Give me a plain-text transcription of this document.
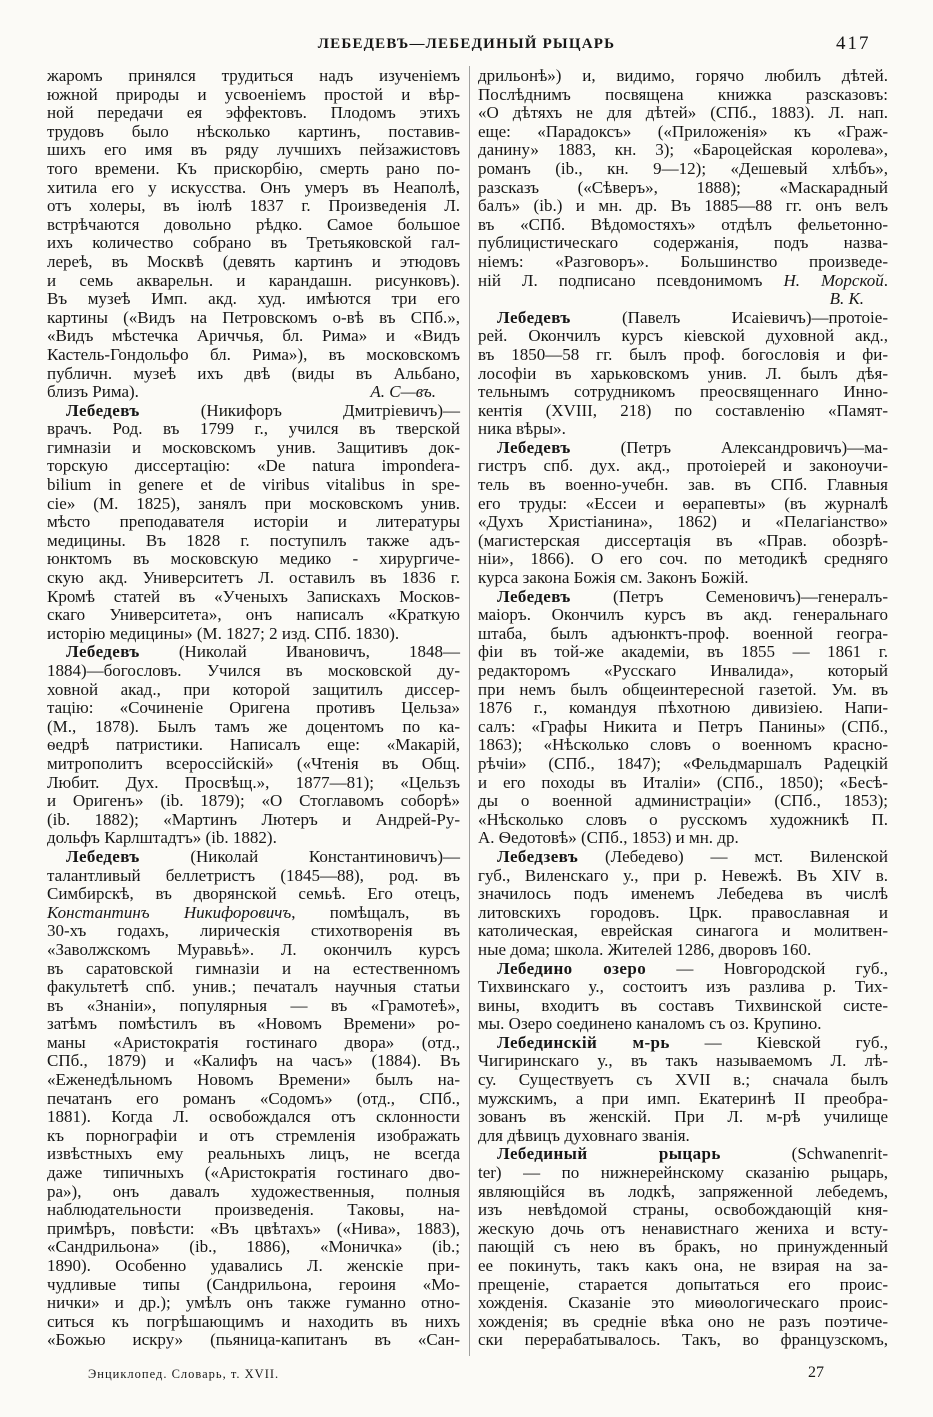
ЛЕБЕДЕВЪ—ЛЕБЕДИНЫЙ РЫЦАРЬ	417
жаромъ принялся трудиться надъ изученіемъ
южной природы и усвоеніемъ простой и вѣр-
ной передачи ея эффектовъ. Плодомъ этихъ
трудовъ было нѣсколько картинъ, поставив-
шихъ его имя въ ряду лучшихъ пейзажистовъ
того времени. Къ прискорбію, смерть рано по-
хитила его у искусства. Онъ умеръ въ Неаполѣ,
отъ холеры, въ іюлѣ 1837 г. Произведенія Л.
встрѣчаются довольно рѣдко. Самое большое
ихъ количество собрано въ Третьяковской гал-
лереѣ, въ Москвѣ (девять картинъ и этюдовъ
и семь акварельн. и карандашн. рисунковъ).
Въ музеѣ Имп. акд. худ. имѣются три его
картины («Видъ на Петровскомъ о-вѣ въ СПб.»,
«Видъ мѣстечка Ариччья, бл. Рима» и «Видъ
Кастель-Гондольфо бл. Рима»), въ московскомъ
публичн. музеѣ ихъ двѣ (виды въ Альбано,
близъ Рима).	А. С—въ.
Лебедевъ (Никифоръ Дмитріевичъ)—
врачъ. Род. въ 1799 г., учился въ тверской
гимназіи и московскомъ унив. Защитивъ док-
торскую диссертацію: «De natura imponderа-
bilium in genere et de viribus vitalibus in spe-
cie» (M. 1825), занялъ при московскомъ унив.
мѣсто преподавателя исторіи и литературы
медицины. Въ 1828 г. поступилъ также адъ-
юнктомъ въ московскую медико - хирургиче-
скую акд. Университетъ Л. оставилъ въ 1836 г.
Кромѣ статей въ «Ученыхъ Запискахъ Москов-
скаго Университета», онъ написалъ «Краткую
исторію медицины» (М. 1827; 2 изд. СПб. 1830).
Лебедевъ (Николай Ивановичъ, 1848—
1884)—богословъ. Учился въ московской ду-
ховной акад., при которой защитилъ диссер-
тацію: «Сочиненіе Оригена противъ Цельза»
(М., 1878). Былъ тамъ же доцентомъ по ка-
ѳедрѣ патристики. Написалъ еще: «Макарій,
митрополитъ всероссійскій» («Чтенія въ Общ.
Любит. Дух. Просвѣщ.», 1877—81); «Цельзъ
и Оригенъ» (ib. 1879); «О Стоглавомъ соборѣ»
(ib. 1882); «Мартинъ Лютеръ и Андрей-Ру-
дольфъ Карлштадтъ» (ib. 1882).
Лебедевъ (Николай Константиновичъ)—
талантливый беллетристъ (1845—88), род. въ
Симбирскѣ, въ дворянской семьѣ. Его отецъ,
Константинъ Никифоровичъ, помѣщалъ, въ
30-хъ годахъ, лирическія стихотворенія въ
«Заволжскомъ Муравьѣ». Л. окончилъ курсъ
въ саратовской гимназіи и на естественномъ
факультетѣ спб. унив.; печаталъ научныя статьи
въ «Знаніи», популярныя — въ «Грамотеѣ»,
затѣмъ помѣстилъ въ «Новомъ Времени» ро-
маны «Аристократія гостинаго двора» (отд.,
СПб., 1879) и «Калифъ на часъ» (1884). Въ
«Еженедѣльномъ Новомъ Времени» былъ на-
печатанъ его романъ «Содомъ» (отд., СПб.,
1881). Когда Л. освобождался отъ склонности
къ порнографіи и отъ стремленія изображать
извѣстныхъ ему реальныхъ лицъ, не всегда
даже типичныхъ («Аристократія гостинаго дво-
ра»), онъ давалъ художественныя, полныя
наблюдательности произведенія. Таковы, на-
примѣръ, повѣсти: «Въ цвѣтахъ» («Нива», 1883),
«Сандрильона» (ib., 1886), «Моничка» (ib.;
1890). Особенно удавались Л. женскіе при-
чудливые типы (Сандрильона, героиня «Мо-
нички» и др.); умѣлъ онъ также гуманно отно-
ситься къ погрѣшающимъ и находить въ нихъ
«Божью искру» (пьяница-капитанъ въ «Сан-
дрильонѣ») и, видимо, горячо любилъ дѣтей.
Послѣднимъ посвящена книжка разсказовъ:
«О дѣтяхъ не для дѣтей» (СПб., 1883). Л. нап.
еще: «Парадоксъ» («Приложенія» къ «Граж-
данину» 1883, кн. 3); «Бароцейская королева»,
романъ (ib., кн. 9—12); «Дешевый хлѣбъ»,
разсказъ («Сѣверъ», 1888); «Маскарадный
балъ» (ib.) и мн. др. Въ 1885—88 гг. онъ велъ
въ «СПб. Вѣдомостяхъ» отдѣлъ фельетонно-
публицистическаго содержанія, подъ назва-
ніемъ: «Разговоръ». Большинство произведе-
ній Л. подписано псевдонимомъ Н. Морской.
В. К.
Лебедевъ (Павелъ Исаіевичъ)—протоіе-
рей. Окончилъ курсъ кіевской духовной акд.,
въ 1850—58 гг. былъ проф. богословія и фи-
лософіи въ харьковскомъ унив. Л. былъ дѣя-
тельнымъ сотрудникомъ преосвященнаго Инно-
кентія (XVIII, 218) по составленію «Памят-
ника вѣры».
Лебедевъ (Петръ Александровичъ)—ма-
гистръ спб. дух. акд., протоіерей и законоучи-
тель въ военно-учебн. зав. въ СПб. Главныя
его труды: «Ессеи и ѳерапевты» (въ журналѣ
«Духъ Христіанина», 1862) и «Пелагіанство»
(магистерская диссертація въ «Прав. обозрѣ-
ніи», 1866). О его соч. по методикѣ средняго
курса закона Божія см. Законъ Божій.
Лебедевъ (Петръ Семеновичъ)—генералъ-
маіоръ. Окончилъ курсъ въ акд. генеральнаго
штаба, былъ адъюнктъ-проф. военной геогра-
фіи въ той-же академіи, въ 1855 — 1861 г.
редакторомъ «Русскаго Инвалида», который
при немъ былъ общеинтересной газетой. Ум. въ
1876 г., командуя пѣхотною дивизіею. Напи-
салъ: «Графы Никита и Петръ Панины» (СПб.,
1863); «Нѣсколько словъ о военномъ красно-
рѣчіи» (СПб., 1847); «Фельдмаршалъ Радецкій
и его походы въ Италіи» (СПб., 1850); «Бесѣ-
ды о военной администраціи» (СПб., 1853);
«Нѣсколько словъ о русскомъ художникѣ П.
А. Ѳедотовѣ» (СПб., 1853) и мн. др.
Лебедзевъ (Лебедево) — мст. Виленской
губ., Виленскаго у., при р. Невежѣ. Въ XIV в.
значилось подъ именемъ Лебедева въ числѣ
литовскихъ городовъ. Црк. православная и
католическая, еврейская синагога и молитвен-
ные дома; школа. Жителей 1286, дворовъ 160.
Лебедино озеро — Новгородской губ.,
Тихвинскаго у., состоитъ изъ разлива р. Тих-
вины, входитъ въ составъ Тихвинской систе-
мы. Озеро соединено каналомъ съ оз. Крупино.
Лебединскій м-рь — Кіевской губ.,
Чигиринскаго у., въ такъ называемомъ Л. лѣ-
су. Существуетъ съ XVII в.; сначала былъ
мужскимъ, а при имп. Екатеринѣ II преобра-
зованъ въ женскій. При Л. м-рѣ училище
для дѣвицъ духовнаго званія.
Лебединый рыцарь (Schwanenrit-
ter) — по нижнерейнскому сказанію рыцарь,
являющійся въ лодкѣ, запряженной лебедемъ,
изъ невѣдомой страны, освобождающій кня-
жескую дочь отъ ненавистнаго жениха и всту-
пающій съ нею въ бракъ, но принужденный
ее покинуть, такъ какъ она, не взирая на за-
прещеніе, старается допытаться его проис-
хожденія. Сказаніе это миѳологическаго проис-
хожденія; въ средніе вѣка оно не разъ поэтиче-
ски перерабатывалось. Такъ, во французскомъ,
Энциклопед. Словарь, т. XVII.	27
